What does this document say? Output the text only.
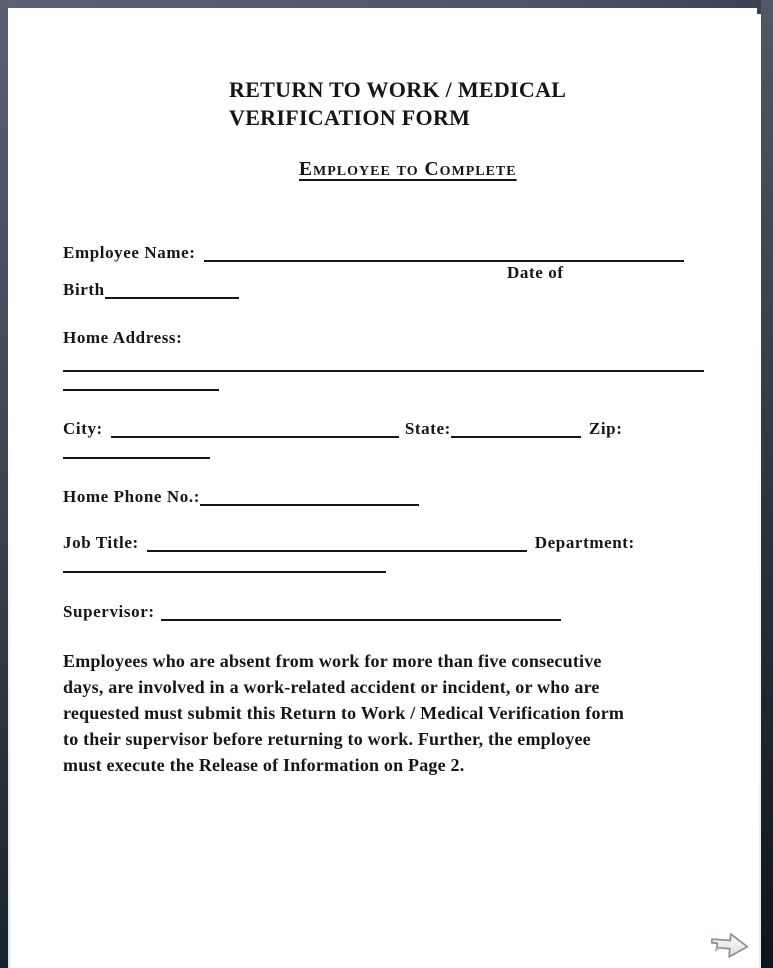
RETURN TO WORK / MEDICAL
VERIFICATION FORM
Employee to Complete
Employee Name:
Date of
Birth
Home Address:
City:	State:	Zip:
Home Phone No.:
Job Title:	Department:
Supervisor:
Employees who are absent from work for more than five consecutive
days, are involved in a work-related accident or incident, or who are
requested must submit this Return to Work / Medical Verification form
to their supervisor before returning to work. Further, the employee
must execute the Release of Information on Page 2.
